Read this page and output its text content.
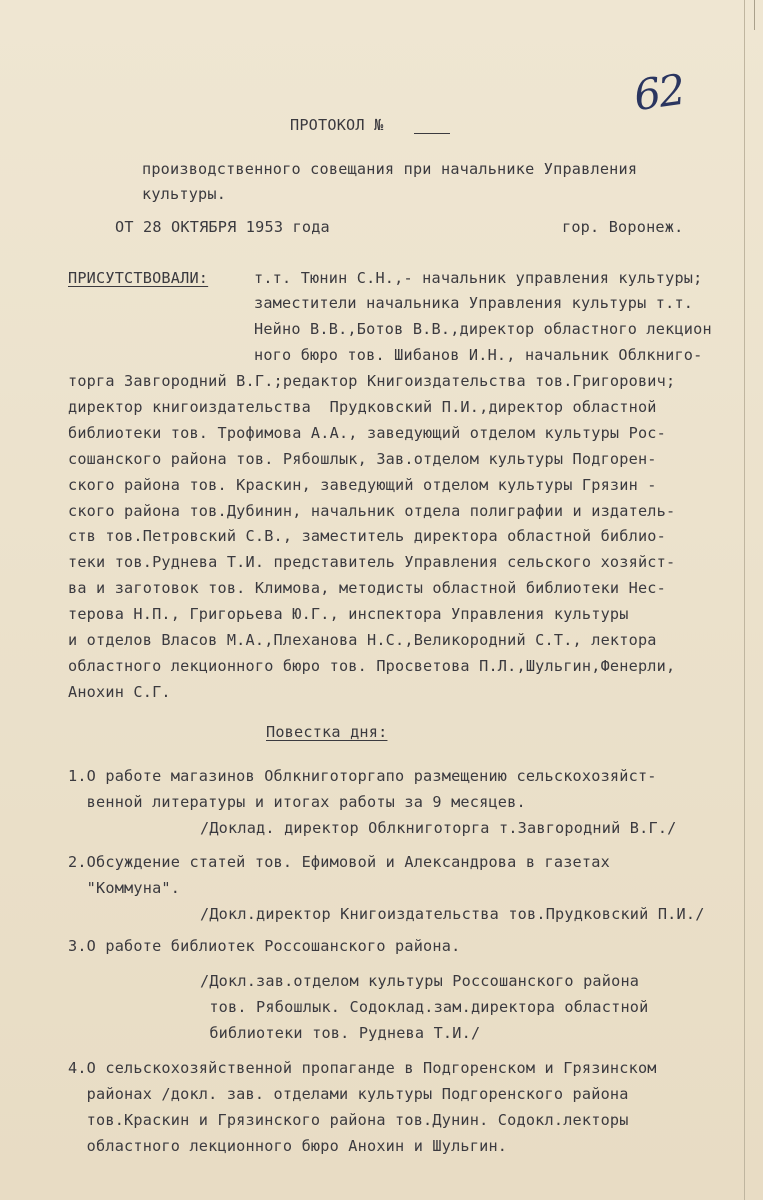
62
ПРОТОКОЛ №
производственного совещания при начальнике Управления
культуры.
ОТ 28 ОКТЯБРЯ 1953 года	гор. Воронеж.
ПРИСУТСТВОВАЛИ:	т.т. Тюнин С.Н.,- начальник управления культуры;
заместители начальника Управления культуры т.т.
Нейно В.В.,Ботов В.В.,директор областного лекцион
ного бюро тов. Шибанов И.Н., начальник Облкниго-
торга Завгородний В.Г.;редактор Книгоиздательства тов.Григорович;
директор книгоиздательства  Прудковский П.И.,директор областной
библиотеки тов. Трофимова А.А., заведующий отделом культуры Рос-
сошанского района тов. Рябошлык, Зав.отделом культуры Подгорен-
ского района тов. Краскин, заведующий отделом культуры Грязин -
ского района тов.Дубинин, начальник отдела полиграфии и издатель-
ств тов.Петровский С.В., заместитель директора областной библио-
теки тов.Руднева Т.И. представитель Управления сельского хозяйст-
ва и заготовок тов. Климова, методисты областной библиотеки Нес-
терова Н.П., Григорьева Ю.Г., инспектора Управления культуры
и отделов Власов М.А.,Плеханова Н.С.,Великородний С.Т., лектора
областного лекционного бюро тов. Просветова П.Л.,Шульгин,Фенерли,
Анохин С.Г.
Повестка дня:
1.О работе магазинов Облкниготоргапо размещению сельскохозяйст-
венной литературы и итогах работы за 9 месяцев.
/Доклад. директор Облкниготорга т.Завгородний В.Г./
2.Обсуждение статей тов. Ефимовой и Александрова в газетах
"Коммуна".
/Докл.директор Книгоиздательства тов.Прудковский П.И./
3.О работе библиотек Россошанского района.
/Докл.зав.отделом культуры Россошанского района
тов. Рябошлык. Содоклад.зам.директора областной
библиотеки тов. Руднева Т.И./
4.О сельскохозяйственной пропаганде в Подгоренском и Грязинском
районах /докл. зав. отделами культуры Подгоренского района
тов.Краскин и Грязинского района тов.Дунин. Содокл.лекторы
областного лекционного бюро Анохин и Шульгин.
